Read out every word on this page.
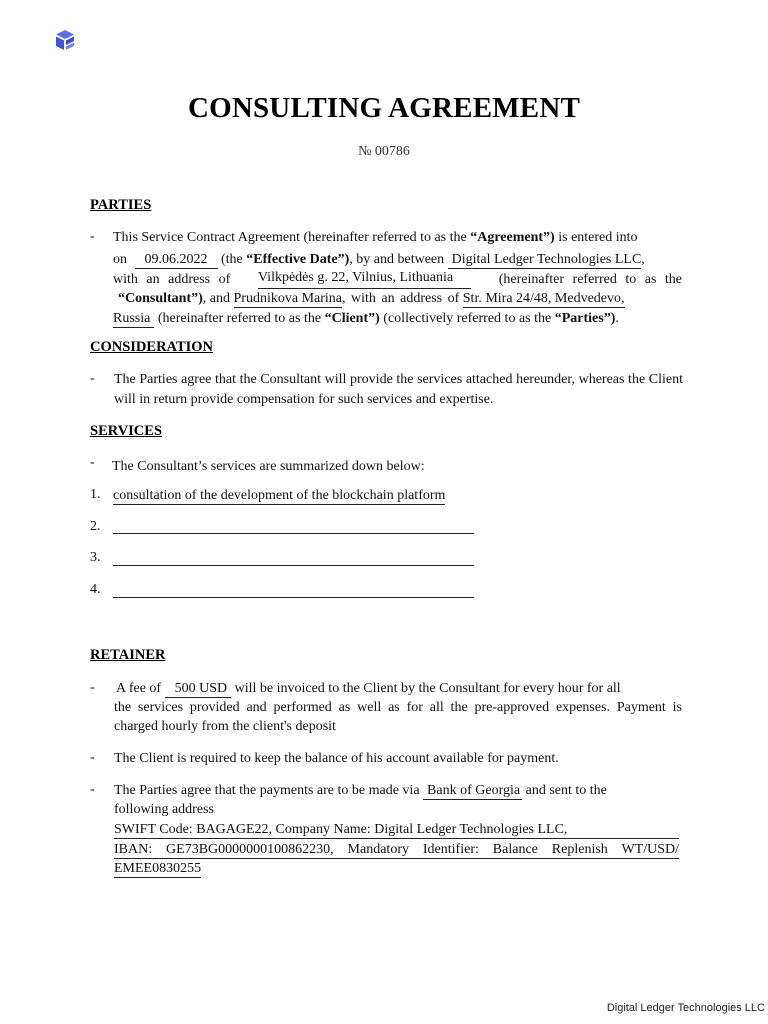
CONSULTING AGREEMENT
№ 00786
PARTIES
- This Service Contract Agreement (hereinafter referred to as the “Agreement”) is entered into
on 09.06.2022 (the “Effective Date”), by and between Digital Ledger Technologies LLC,
with an address of Vilkpėdės g. 22, Vilnius, Lithuania	(hereinafter referred to as the
“Consultant”), and Prudnikova Marina, with an address of Str. Mira 24/48, Medvedevo,
Russia (hereinafter referred to as the “Client”) (collectively referred to as the “Parties”).
CONSIDERATION
- The Parties agree that the Consultant will provide the services attached hereunder, whereas the Client will in return provide compensation for such services and expertise.
SERVICES
- The Consultant’s services are summarized down below:
1. consultation of the development of the blockchain platform
2.
3.
4.
RETAINER
- A fee of 500 USD will be invoiced to the Client by the Consultant for every hour for all
the services provided and performed as well as for all the pre-approved expenses. Payment is
charged hourly from the client's deposit
- The Client is required to keep the balance of his account available for payment.
- The Parties agree that the payments are to be made via Bank of Georgia and sent to the
following address
SWIFT Code: BAGAGE22, Company Name: Digital Ledger Technologies LLC,
IBAN: GE73BG0000000100862230, Mandatory Identifier: Balance Replenish WT/USD/
EMEE0830255
Digital Ledger Technologies LLC
